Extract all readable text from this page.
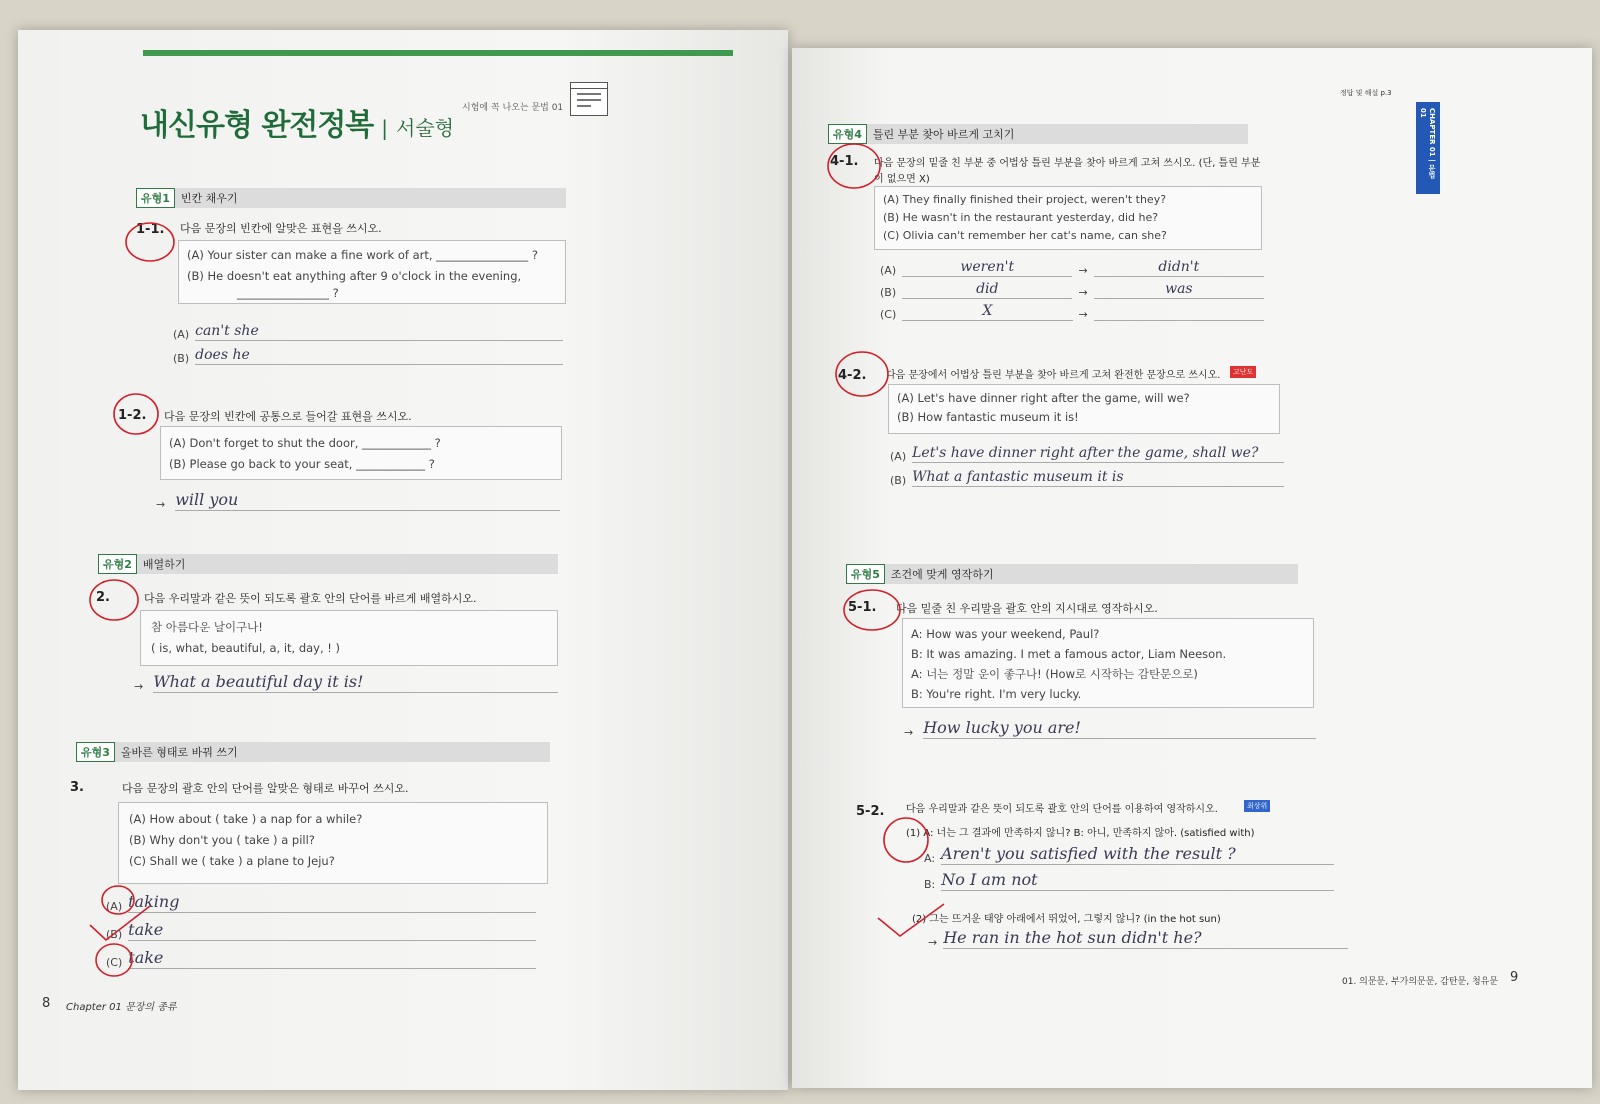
내신유형 완전정복 | 서술형
시험에 꼭 나오는 문법 01
유형1	빈칸 채우기
1-1. 다음 문장의 빈칸에 알맞은 표현을 쓰시오.
(A) Your sister can make a fine work of art, ________________ ?
(B) He doesn't eat anything after 9 o'clock in the evening,
________________ ?
(A) can't she
(B) does he
1-2. 다음 문장의 빈칸에 공통으로 들어갈 표현을 쓰시오.
(A) Don't forget to shut the door, ____________ ?
(B) Please go back to your seat, ____________ ?
→ will you
유형2	배열하기
2.	다음 우리말과 같은 뜻이 되도록 괄호 안의 단어를 바르게 배열하시오.
참 아름다운 날이구나!
( is, what, beautiful, a, it, day, ! )
→ What a beautiful day it is!
유형3	올바른 형태로 바꿔 쓰기
3.	다음 문장의 괄호 안의 단어를 알맞은 형태로 바꾸어 쓰시오.
(A) How about ( take ) a nap for a while?
(B) Why don't you ( take ) a pill?
(C) Shall we ( take ) a plane to Jeju?
(A) taking
(B) take
(C) take
8 Chapter 01 문장의 종류
정답 및 해설 p.3
CHAPTER 01 | 문법 01
유형4	틀린 부분 찾아 바르게 고치기
4-1. 다음 문장의 밑줄 친 부분 중 어법상 틀린 부분을 찾아 바르게 고쳐 쓰시오. (단, 틀린 부분
이 없으면 X)
(A) They finally finished their project, weren't they?
(B) He wasn't in the restaurant yesterday, did he?
(C) Olivia can't remember her cat's name, can she?
(A)	weren't	→	didn't
(B)	did	→	was
(C)	X	→
4-2. 다음 문장에서 어법상 틀린 부분을 찾아 바르게 고쳐 완전한 문장으로 쓰시오.	고난도
(A) Let's have dinner right after the game, will we?
(B) How fantastic museum it is!
(A) Let's have dinner right after the game, shall we?
(B) What a fantastic museum it is
유형5	조건에 맞게 영작하기
5-1. 다음 밑줄 친 우리말을 괄호 안의 지시대로 영작하시오.
A: How was your weekend, Paul?
B: It was amazing. I met a famous actor, Liam Neeson.
A: 너는 정말 운이 좋구나! (How로 시작하는 감탄문으로)
B: You're right. I'm very lucky.
→ How lucky you are!
5-2. 다음 우리말과 같은 뜻이 되도록 괄호 안의 단어를 이용하여 영작하시오.	최상위
(1) A: 너는 그 결과에 만족하지 않니? B: 아니, 만족하지 않아. (satisfied with)
A: Aren't you satisfied with the result ?
B: No I am not
(2) 그는 뜨거운 태양 아래에서 뛰었어, 그렇지 않니? (in the hot sun)
→ He ran in the hot sun didn't he?
01. 의문문, 부가의문문, 감탄문, 청유문 9
